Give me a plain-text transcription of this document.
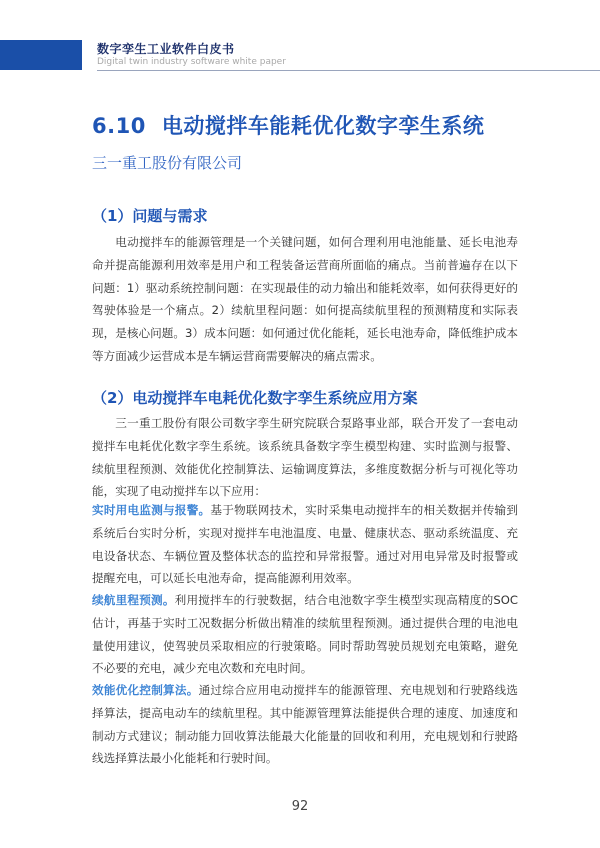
数字孪生工业软件白皮书
Digital twin industry software white paper
6.10 电动搅拌车能耗优化数字孪生系统
三一重工股份有限公司
（1）问题与需求
电动搅拌车的能源管理是一个关键问题，如何合理利用电池能量、延长电池寿命并提高能源利用效率是用户和工程装备运营商所面临的痛点。当前普遍存在以下问题：1）驱动系统控制问题：在实现最佳的动力输出和能耗效率，如何获得更好的驾驶体验是一个痛点。2）续航里程问题：如何提高续航里程的预测精度和实际表现，是核心问题。3）成本问题：如何通过优化能耗，延长电池寿命，降低维护成本等方面减少运营成本是车辆运营商需要解决的痛点需求。
（2）电动搅拌车电耗优化数字孪生系统应用方案
三一重工股份有限公司数字孪生研究院联合泵路事业部，联合开发了一套电动搅拌车电耗优化数字孪生系统。该系统具备数字孪生模型构建、实时监测与报警、续航里程预测、效能优化控制算法、运输调度算法，多维度数据分析与可视化等功能，实现了电动搅拌车以下应用：
实时用电监测与报警。基于物联网技术，实时采集电动搅拌车的相关数据并传输到系统后台实时分析，实现对搅拌车电池温度、电量、健康状态、驱动系统温度、充电设备状态、车辆位置及整体状态的监控和异常报警。通过对用电异常及时报警或提醒充电，可以延长电池寿命，提高能源利用效率。
续航里程预测。利用搅拌车的行驶数据，结合电池数字孪生模型实现高精度的SOC估计，再基于实时工况数据分析做出精准的续航里程预测。通过提供合理的电池电量使用建议，使驾驶员采取相应的行驶策略。同时帮助驾驶员规划充电策略，避免不必要的充电，减少充电次数和充电时间。
效能优化控制算法。通过综合应用电动搅拌车的能源管理、充电规划和行驶路线选择算法，提高电动车的续航里程。其中能源管理算法能提供合理的速度、加速度和制动方式建议；制动能力回收算法能最大化能量的回收和利用，充电规划和行驶路线选择算法最小化能耗和行驶时间。
92
